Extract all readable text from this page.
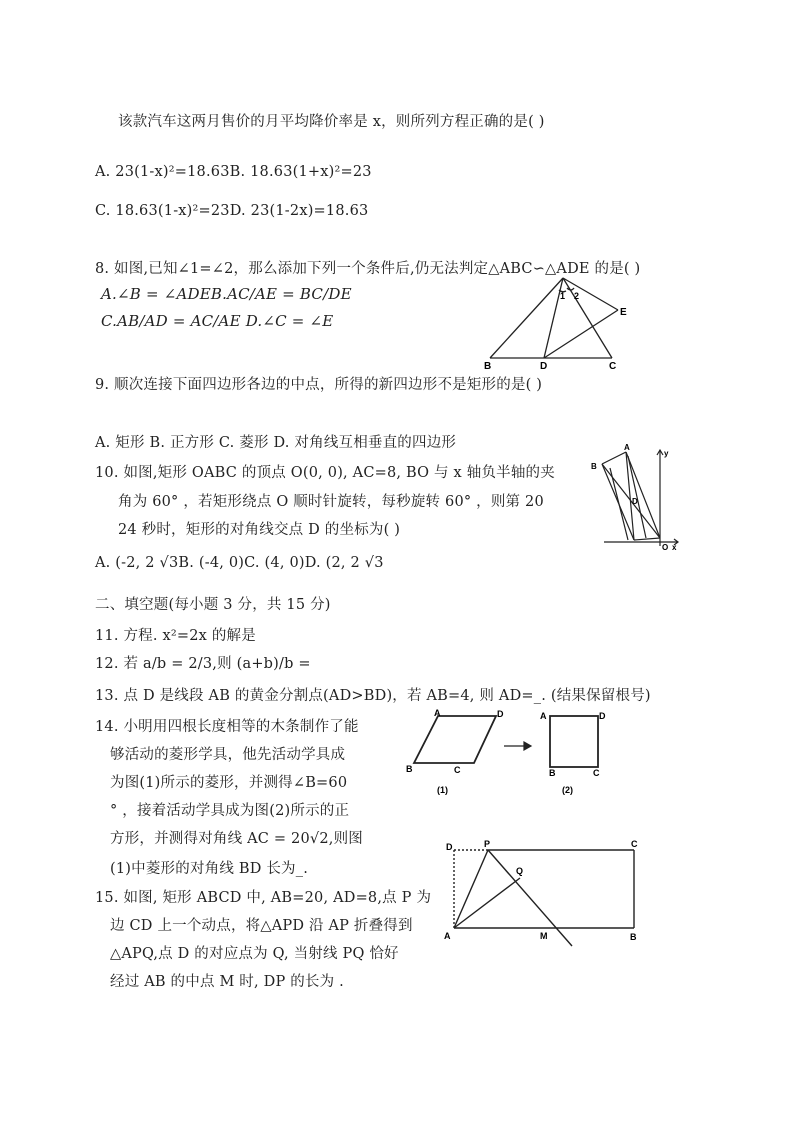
该款汽车这两月售价的月平均降价率是 x，则所列方程正确的是( )
A. 23(1-x)²=18.63B. 18.63(1+x)²=23
C. 18.63(1-x)²=23D. 23(1-2x)=18.63
8. 如图,已知∠1=∠2，那么添加下列一个条件后,仍无法判定△ABC∽△ADE 的是( )
A.∠B = ∠ADEB.AC/AE = BC/DE
C.AB/AD = AC/AE D.∠C = ∠E
1 2
B	D	C
E
9. 顺次连接下面四边形各边的中点，所得的新四边形不是矩形的是( )
A. 矩形 B. 正方形 C. 菱形 D. 对角线互相垂直的四边形
10. 如图,矩形 OABC 的顶点 O(0, 0), AC=8, BO 与 x 轴负半轴的夹
角为 60° ，若矩形绕点 O 顺时针旋转，每秒旋转 60° ，则第 20
24 秒时，矩形的对角线交点 D 的坐标为( )
A. (-2, 2 √3B. (-4, 0)C. (4, 0)D. (2, 2 √3
B
A
D
O
y
x
二、填空题(每小题 3 分，共 15 分)
11. 方程. x²=2x 的解是
12. 若 a/b = 2/3,则 (a+b)/b =
13. 点 D 是线段 AB 的黄金分割点(AD>BD)，若 AB=4, 则 AD=_. (结果保留根号)
14. 小明用四根长度相等的木条制作了能
够活动的菱形学具，他先活动学具成
为图(1)所示的菱形，并测得∠B=60
° ，接着活动学具成为图(2)所示的正
方形，并测得对角线 AC = 20√2,则图
(1)中菱形的对角线 BD 长为_.
A	D
B	C
A	D
B	C
(1)	(2)
15. 如图, 矩形 ABCD 中, AB=20, AD=8,点 P 为
边 CD 上一个动点，将△APD 沿 AP 折叠得到
△APQ,点 D 的对应点为 Q, 当射线 PQ 恰好
经过 AB 的中点 M 时, DP 的长为 .
D	P	C
Q
A	M	B
